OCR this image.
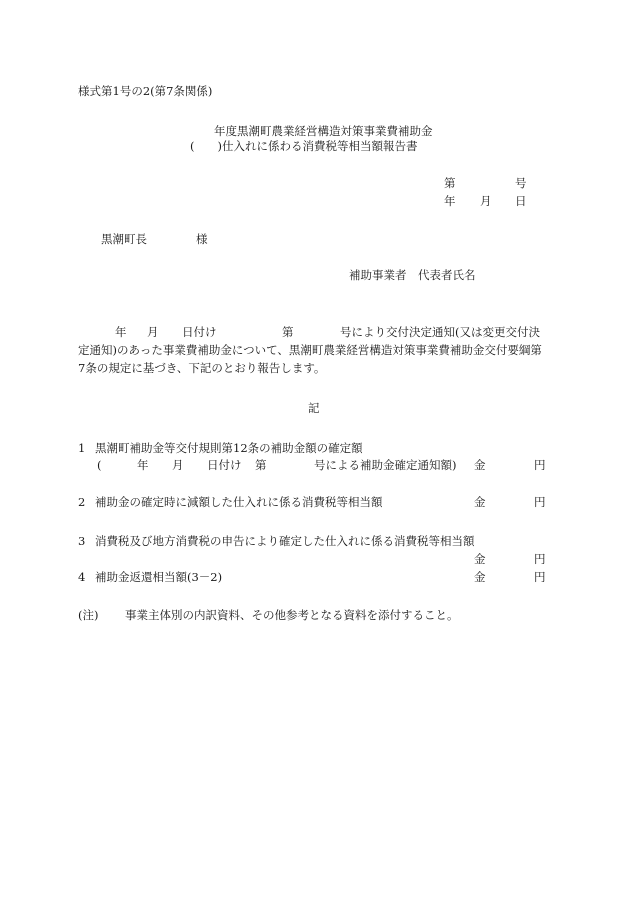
様式第1号の2(第7条関係)
年度黒潮町農業経営構造対策事業費補助金
(　　)仕入れに係わる消費税等相当額報告書
第	号
年 月 日
黒潮町長	様
補助事業者　代表者氏名
年 月 日付け	第	号により交付決定通知(又は変更交付決
定通知)のあった事業費補助金について、黒潮町農業経営構造対策事業費補助金交付要綱第
7条の規定に基づき、下記のとおり報告します。
記
1 黒潮町補助金等交付規則第12条の補助金額の確定額
(	年 月 日付け 第	号による補助金確定通知額) 金	円
2 補助金の確定時に減額した仕入れに係る消費税等相当額	金	円
3 消費税及び地方消費税の申告により確定した仕入れに係る消費税等相当額
金	円
4 補助金返還相当額(3－2)	金	円
(注) 事業主体別の内訳資料、その他参考となる資料を添付すること。
